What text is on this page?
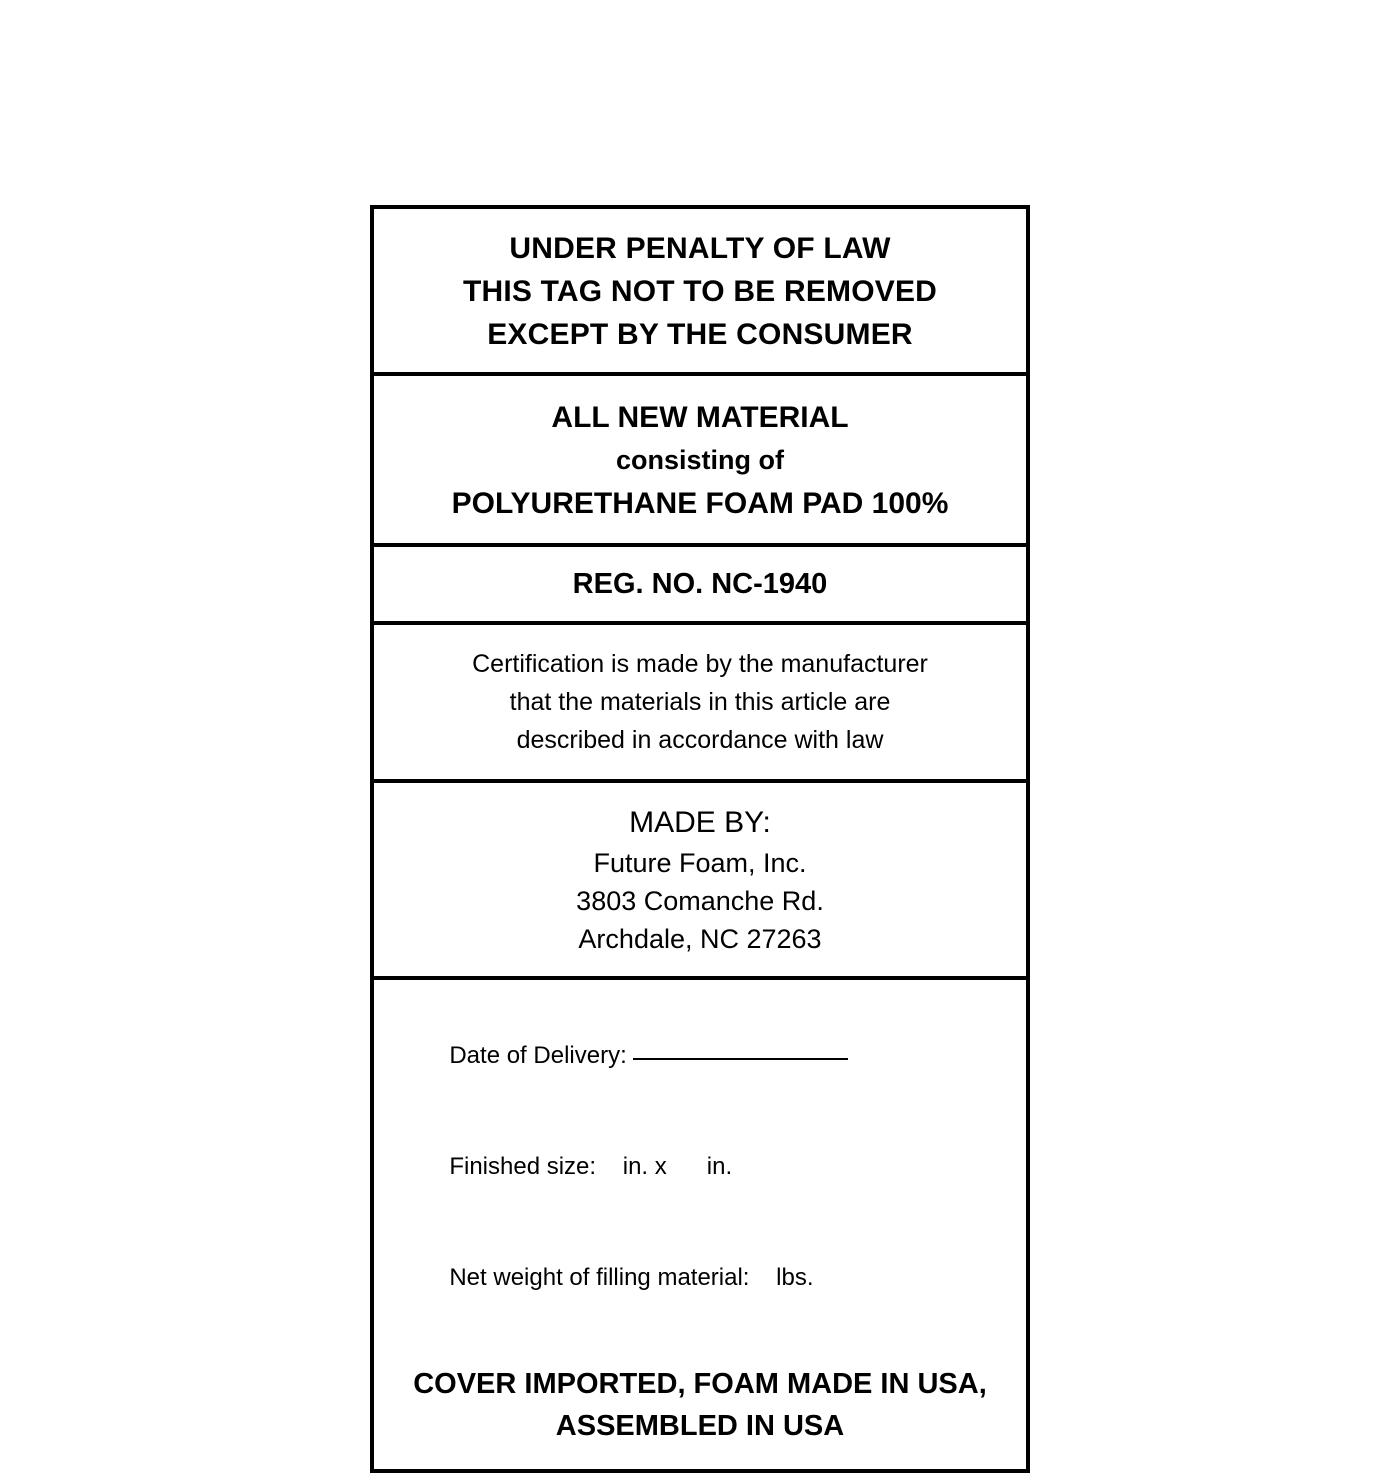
UNDER PENALTY OF LAW
THIS TAG NOT TO BE REMOVED
EXCEPT BY THE CONSUMER
ALL NEW MATERIAL
consisting of
POLYURETHANE FOAM PAD 100%
REG. NO. NC-1940
Certification is made by the manufacturer
that the materials in this article are
described in accordance with law
MADE BY:
Future Foam, Inc.
3803 Comanche Rd.
Archdale, NC 27263

Date of Delivery:

Finished size: in. x      in.

Net weight of filling material: lbs.

COVER IMPORTED, FOAM MADE IN USA,
ASSEMBLED IN USA
